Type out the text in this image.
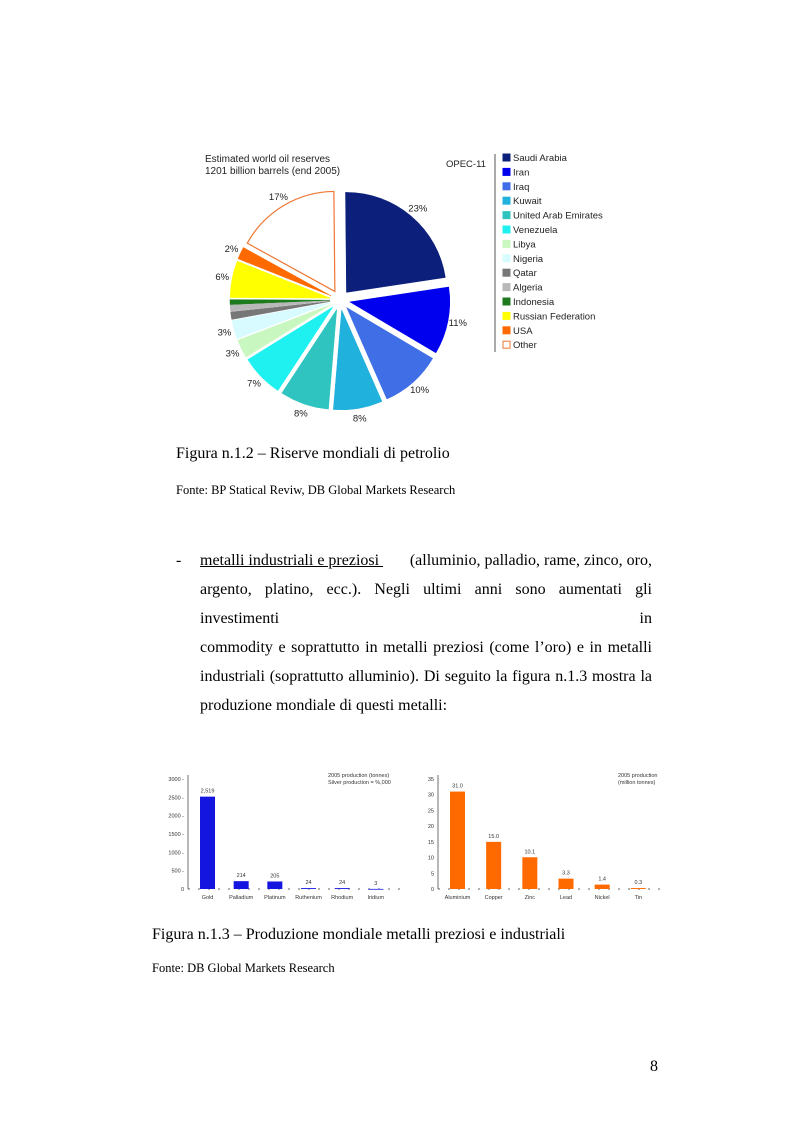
Estimated world oil reserves
1201 billion barrels (end 2005)
23%
11%
10%
8%
8%
7%
3%
3%
6%
2%
17%
OPEC-11
Saudi Arabia
Iran
Iraq
Kuwait
United Arab Emirates
Venezuela
Libya
Nigeria
Qatar
Algeria
Indonesia
Russian Federation
USA
Other
Figura n.1.2 – Riserve mondiali di petrolio
Fonte: BP Statical Reviw, DB Global Markets Research
- metalli industriali e preziosi (alluminio, palladio, rame, zinco, oro,
argento, platino, ecc.). Negli ultimi anni sono aumentati gli investimenti in
commodity e soprattutto in metalli preziosi (come l’oro) e in metalli
industriali (soprattutto alluminio). Di seguito la figura n.1.3 mostra la
produzione mondiale di questi metalli:
0
500 -
1000 -
1500 -
2000 -
2500 -
3000 -
2,519
Gold
214
Palladium
205
Platinum
24
Ruthenium
24
Rhodium
3
Iridium
2005 production (tonnes)
Silver production = %,000
0
5
10
15
20
25
30
35
31.0
Aluminium
15.0
Copper
10.1
Zinc
3.3
Lead
1.4
Nickel
0.3
Tin
2005 production
(million tonnes)
Figura n.1.3 – Produzione mondiale metalli preziosi e industriali
Fonte: DB Global Markets Research
8
